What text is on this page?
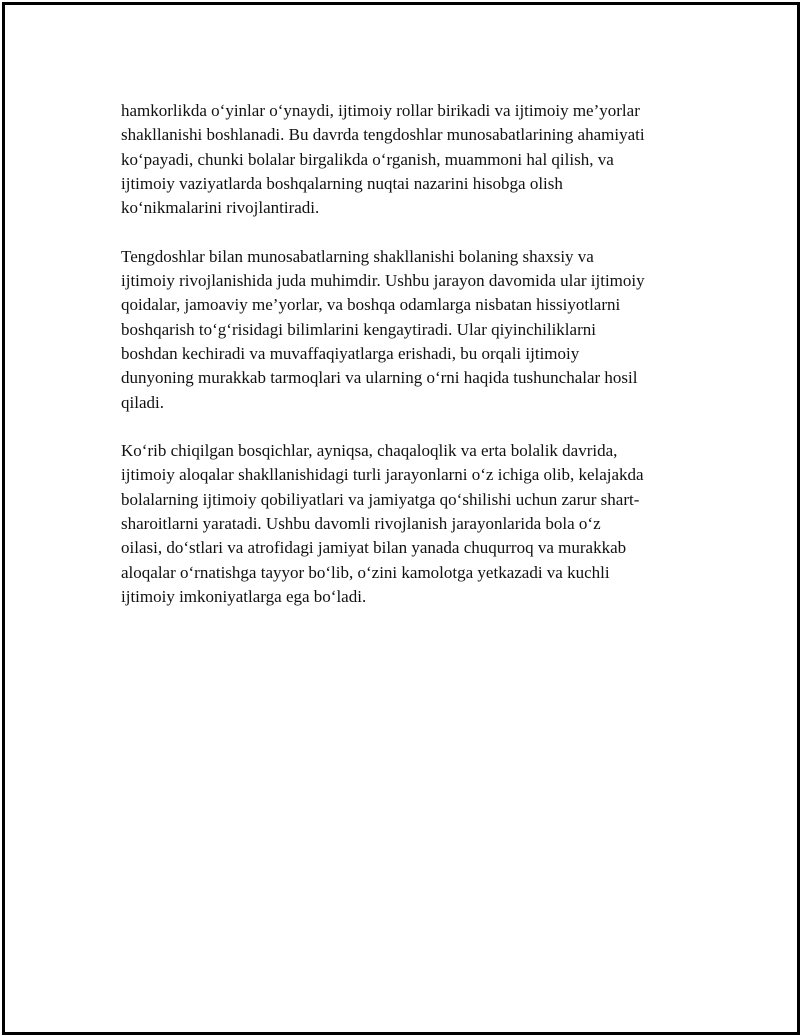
hamkorlikda o‘yinlar o‘ynaydi, ijtimoiy rollar birikadi va ijtimoiy me’yorlar
shakllanishi boshlanadi. Bu davrda tengdoshlar munosabatlarining ahamiyati
ko‘payadi, chunki bolalar birgalikda o‘rganish, muammoni hal qilish, va
ijtimoiy vaziyatlarda boshqalarning nuqtai nazarini hisobga olish
ko‘nikmalarini rivojlantiradi.

Tengdoshlar bilan munosabatlarning shakllanishi bolaning shaxsiy va
ijtimoiy rivojlanishida juda muhimdir. Ushbu jarayon davomida ular ijtimoiy
qoidalar, jamoaviy me’yorlar, va boshqa odamlarga nisbatan hissiyotlarni
boshqarish to‘g‘risidagi bilimlarini kengaytiradi. Ular qiyinchiliklarni
boshdan kechiradi va muvaffaqiyatlarga erishadi, bu orqali ijtimoiy
dunyoning murakkab tarmoqlari va ularning o‘rni haqida tushunchalar hosil
qiladi.

Ko‘rib chiqilgan bosqichlar, ayniqsa, chaqaloqlik va erta bolalik davrida,
ijtimoiy aloqalar shakllanishidagi turli jarayonlarni o‘z ichiga olib, kelajakda
bolalarning ijtimoiy qobiliyatlari va jamiyatga qo‘shilishi uchun zarur shart-
sharoitlarni yaratadi. Ushbu davomli rivojlanish jarayonlarida bola o‘z
oilasi, do‘stlari va atrofidagi jamiyat bilan yanada chuqurroq va murakkab
aloqalar o‘rnatishga tayyor bo‘lib, o‘zini kamolotga yetkazadi va kuchli
ijtimoiy imkoniyatlarga ega bo‘ladi.
